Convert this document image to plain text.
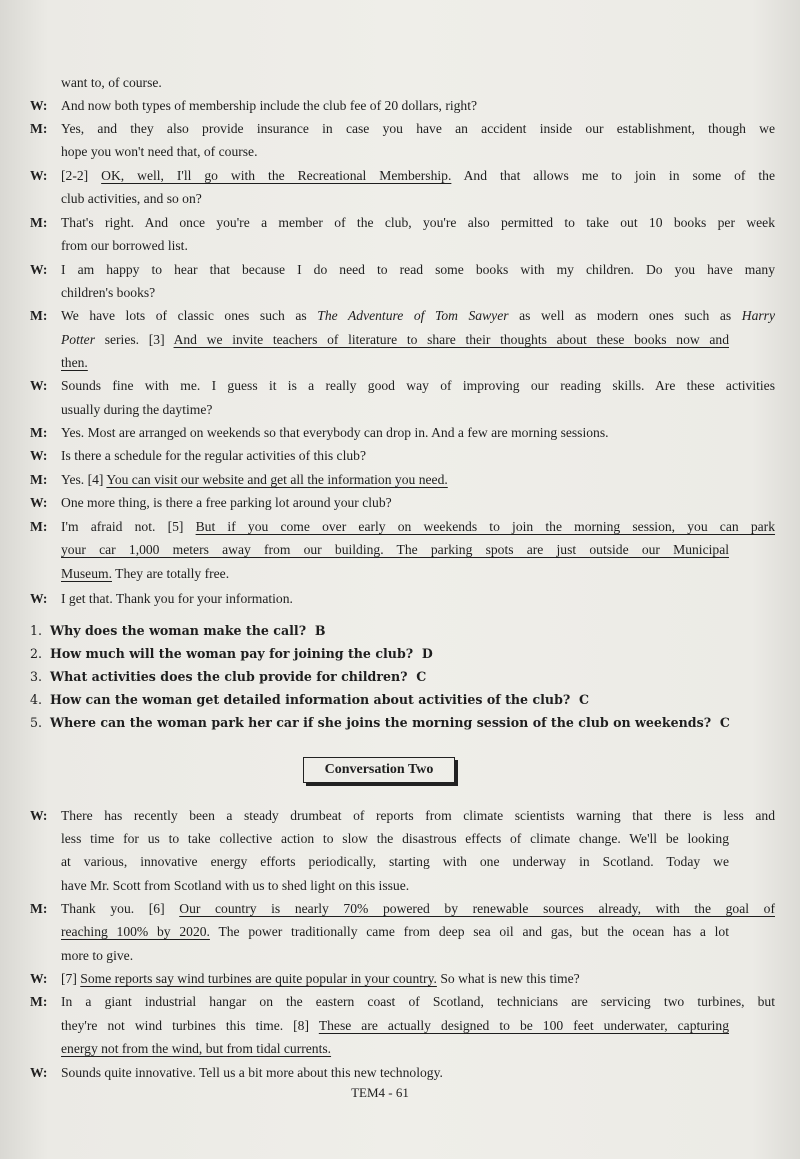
want to, of course.

W: And now both types of membership include the club fee of 20 dollars, right?

M: Yes, and they also provide insurance in case you have an accident inside our establishment, though we

hope you won't need that, of course.

W: [2-2] OK, well, I'll go with the Recreational Membership. And that allows me to join in some of the

club activities, and so on?

M: That's right. And once you're a member of the club, you're also permitted to take out 10 books per week

from our borrowed list.

W: I am happy to hear that because I do need to read some books with my children. Do you have many

children's books?

M: We have lots of classic ones such as The Adventure of Tom Sawyer as well as modern ones such as Harry

Potter series. [3] And we invite teachers of literature to share their thoughts about these books now and

then.

W: Sounds fine with me. I guess it is a really good way of improving our reading skills. Are these activities

usually during the daytime?

M: Yes. Most are arranged on weekends so that everybody can drop in. And a few are morning sessions.

W: Is there a schedule for the regular activities of this club?

M: Yes. [4] You can visit our website and get all the information you need.

W: One more thing, is there a free parking lot around your club?

M: I'm afraid not. [5] But if you come over early on weekends to join the morning session, you can park

your car 1,000 meters away from our building. The parking spots are just outside our Municipal

Museum. They are totally free.

W: I get that. Thank you for your information.

1. Why does the woman make the call? B

2. How much will the woman pay for joining the club? D

3. What activities does the club provide for children? C

4. How can the woman get detailed information about activities of the club? C

5. Where can the woman park her car if she joins the morning session of the club on weekends? C

Conversation Two

W: There has recently been a steady drumbeat of reports from climate scientists warning that there is less and

less time for us to take collective action to slow the disastrous effects of climate change. We'll be looking

at various, innovative energy efforts periodically, starting with one underway in Scotland. Today we

have Mr. Scott from Scotland with us to shed light on this issue.

M: Thank you. [6] Our country is nearly 70% powered by renewable sources already, with the goal of

reaching 100% by 2020. The power traditionally came from deep sea oil and gas, but the ocean has a lot

more to give.

W: [7] Some reports say wind turbines are quite popular in your country. So what is new this time?

M: In a giant industrial hangar on the eastern coast of Scotland, technicians are servicing two turbines, but

they're not wind turbines this time. [8] These are actually designed to be 100 feet underwater, capturing

energy not from the wind, but from tidal currents.

W: Sounds quite innovative. Tell us a bit more about this new technology.

TEM4 - 61
